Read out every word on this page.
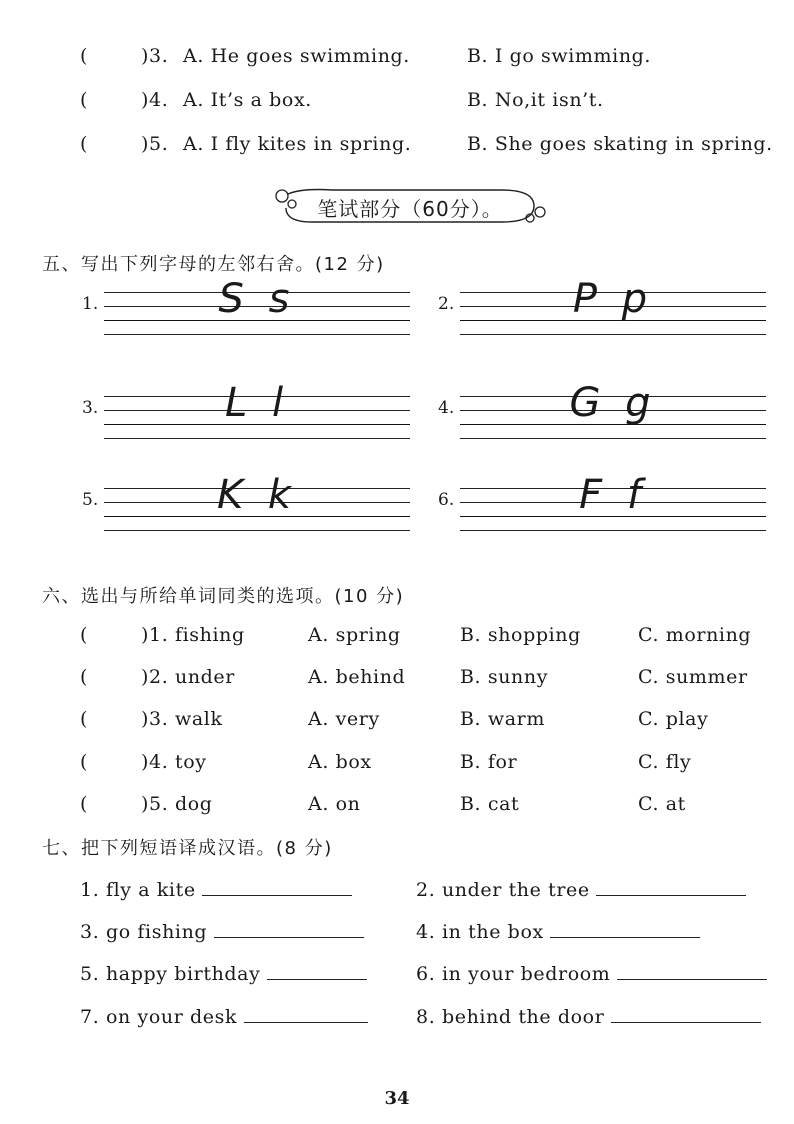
(	)3. A. He goes swimming.	B. I go swimming.
(	)4. A. It’s a box.	B. No,it isn’t.
(	)5. A. I fly kites in spring.	B. She goes skating in spring.
笔试部分（60分）。
五、写出下列字母的左邻右舍。(12 分)
1.	S s	2.	P p
3.	L l	4.	G g
5.	K k	6.	F f
六、选出与所给单词同类的选项。(10 分)
(	)1. fishing	A. spring	B. shopping	C. morning
(	)2. under	A. behind	B. sunny	C. summer
(	)3. walk	A. very	B. warm	C. play
(	)4. toy	A. box	B. for	C. fly
(	)5. dog	A. on	B. cat	C. at
七、把下列短语译成汉语。(8 分)
1. fly a kite	2. under the tree
3. go fishing	4. in the box
5. happy birthday	6. in your bedroom
7. on your desk	8. behind the door
34
